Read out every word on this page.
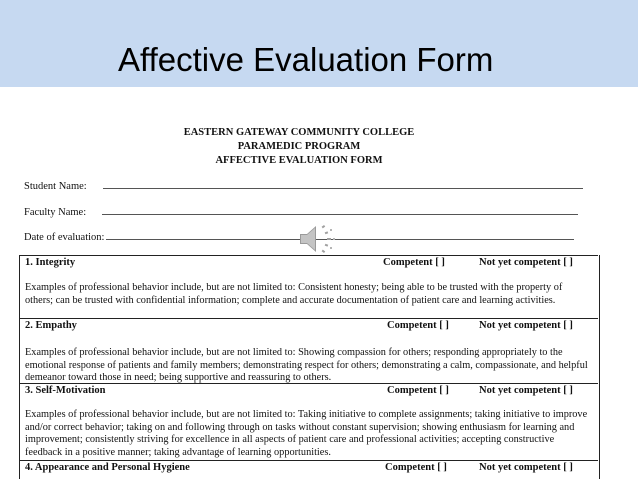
Affective Evaluation Form
EASTERN GATEWAY COMMUNITY COLLEGE
PARAMEDIC PROGRAM
AFFECTIVE EVALUATION FORM
Student Name:
Faculty Name:
Date of evaluation:
1. Integrity	Competent [ ]	Not yet competent [ ]
Examples of professional behavior include, but are not limited to: Consistent honesty; being able to be trusted with the property of others; can be trusted with confidential information; complete and accurate documentation of patient care and learning activities.
2. Empathy	Competent [ ]	Not yet competent [ ]
Examples of professional behavior include, but are not limited to: Showing compassion for others; responding appropriately to the emotional response of patients and family members; demonstrating respect for others; demonstrating a calm, compassionate, and helpful demeanor toward those in need; being supportive and reassuring to others.
3. Self-Motivation	Competent [ ]	Not yet competent [ ]
Examples of professional behavior include, but are not limited to: Taking initiative to complete assignments; taking initiative to improve and/or correct behavior; taking on and following through on tasks without constant supervision; showing enthusiasm for learning and improvement; consistently striving for excellence in all aspects of patient care and professional activities; accepting constructive feedback in a positive manner; taking advantage of learning opportunities.
4. Appearance and Personal Hygiene	Competent [ ]	Not yet competent [ ]
